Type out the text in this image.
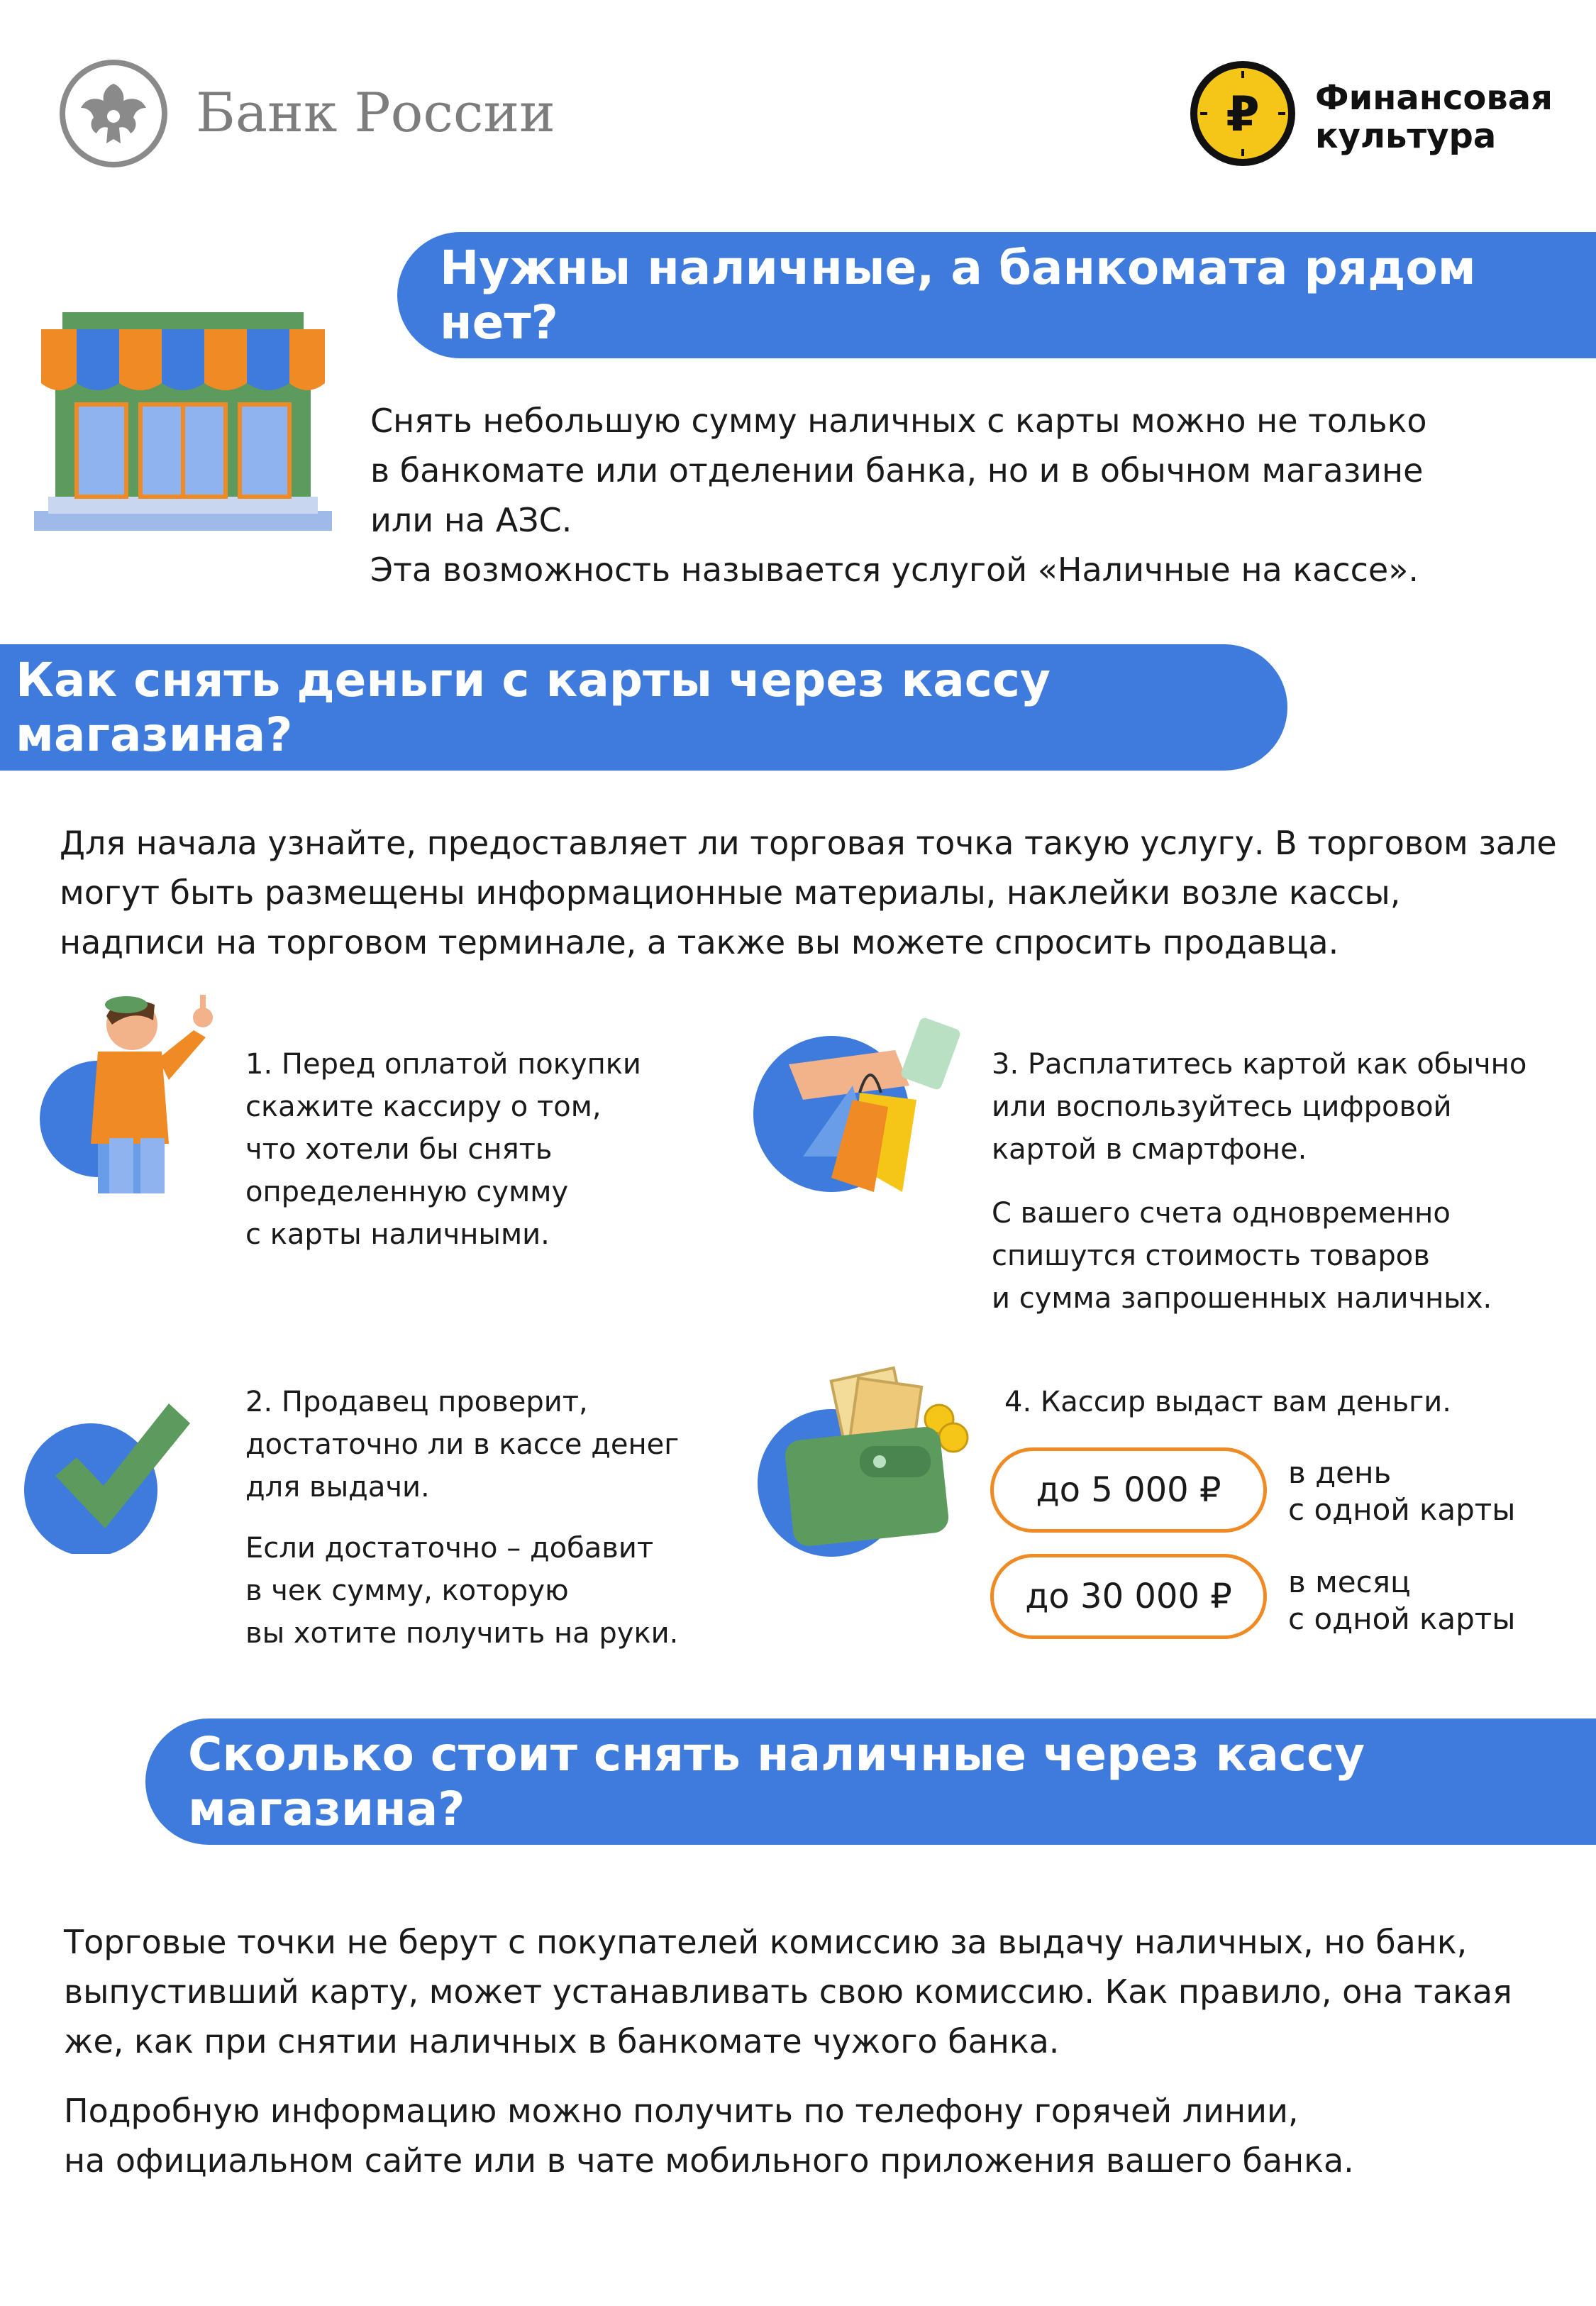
Банк России	₽ Финансовая
культура
Нужны наличные, а банкомата рядом нет?
Снять небольшую сумму наличных с карты можно не только
в банкомате или отделении банка, но и в обычном магазине
или на АЗС.
Эта возможность называется услугой «Наличные на кассе».
Как снять деньги с карты через кассу магазина?
Для начала узнайте, предоставляет ли торговая точка такую услугу. В торговом зале
могут быть размещены информационные материалы, наклейки возле кассы,
надписи на торговом терминале, а также вы можете спросить продавца.
1. Перед оплатой покупки
скажите кассиру о том,
что хотели бы снять
определенную сумму
с карты наличными.
3. Расплатитесь картой как обычно
или воспользуйтесь цифровой
картой в смартфоне.
С вашего счета одновременно
спишутся стоимость товаров
и сумма запрошенных наличных.
2. Продавец проверит,
достаточно ли в кассе денег
для выдачи.
Если достаточно – добавит
в чек сумму, которую
вы хотите получить на руки.
4. Кассир выдаст вам деньги.
до 5 000 ₽ в день
с одной карты
до 30 000 ₽ в месяц
с одной карты
Сколько стоит снять наличные через кассу магазина?
Торговые точки не берут с покупателей комиссию за выдачу наличных, но банк,
выпустивший карту, может устанавливать свою комиссию. Как правило, она такая
же, как при снятии наличных в банкомате чужого банка.
Подробную информацию можно получить по телефону горячей линии,
на официальном сайте или в чате мобильного приложения вашего банка.
